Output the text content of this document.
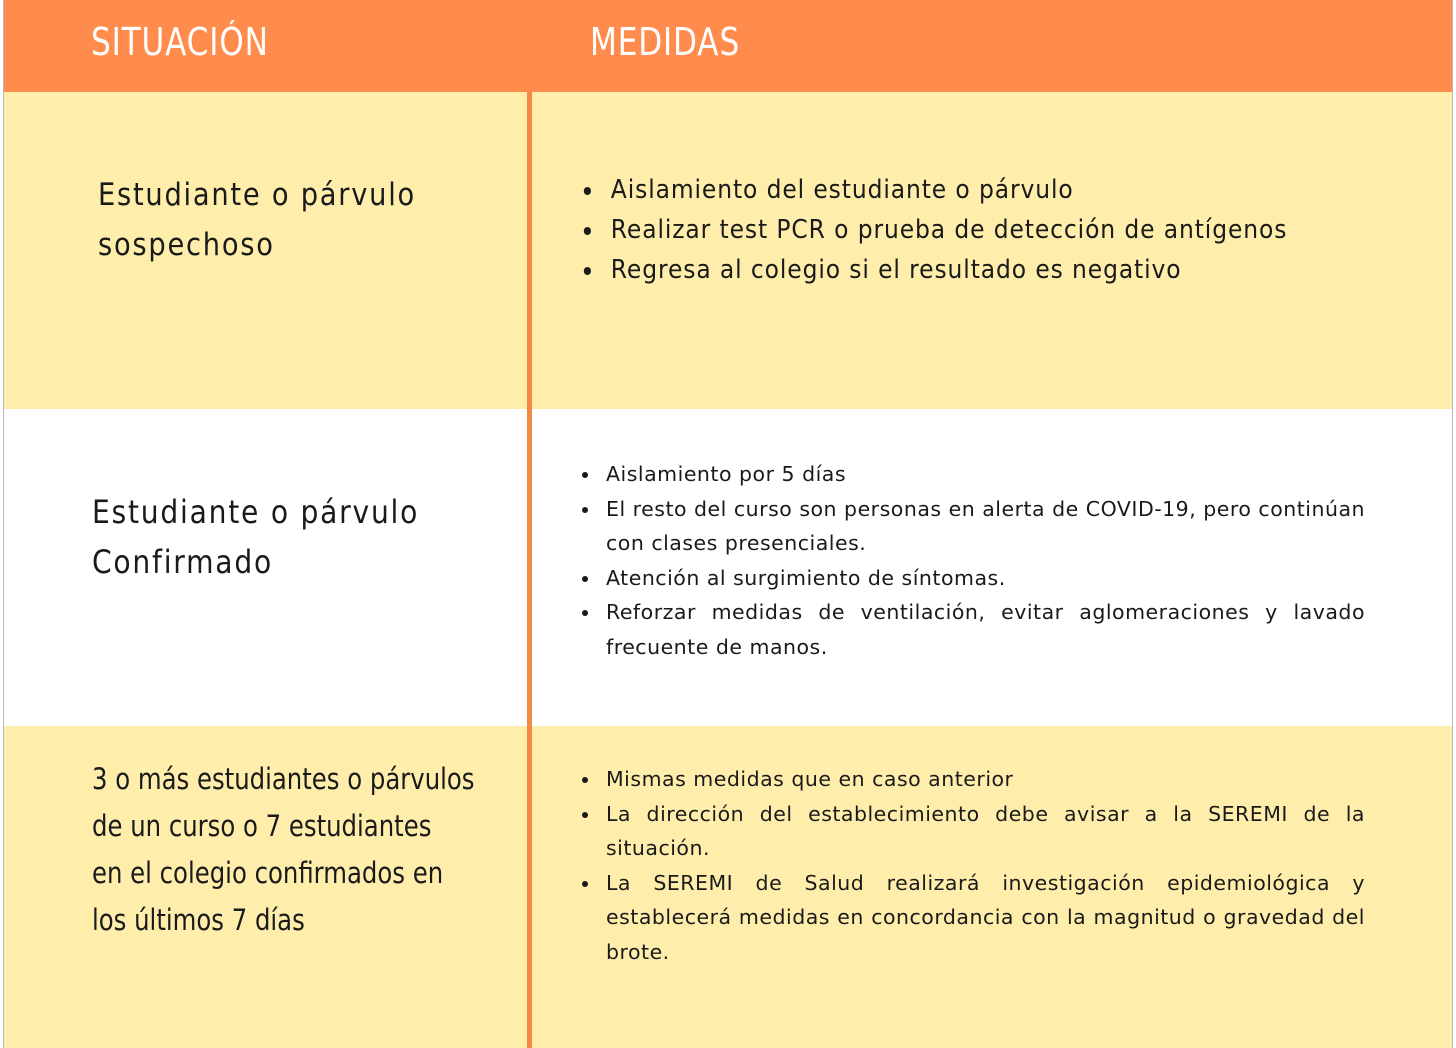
SITUACIÓN	MEDIDAS
Estudiante o párvulo
sospechoso
Aislamiento del estudiante o párvulo
Realizar test PCR o prueba de detección de antígenos
Regresa al colegio si el resultado es negativo
Estudiante o párvulo
Confirmado
Aislamiento por 5 días
El resto del curso son personas en alerta de COVID-19, pero continúan con clases presenciales.
Atención al surgimiento de síntomas.
Reforzar medidas de ventilación, evitar aglomeraciones y lavado frecuente de manos.
3 o más estudiantes o párvulos
de un curso o 7 estudiantes
en el colegio confirmados en
los últimos 7 días
Mismas medidas que en caso anterior
La dirección del establecimiento debe avisar a la SEREMI de la situación.
La SEREMI de Salud realizará investigación epidemiológica y establecerá medidas en concordancia con la magnitud o gravedad del brote.
